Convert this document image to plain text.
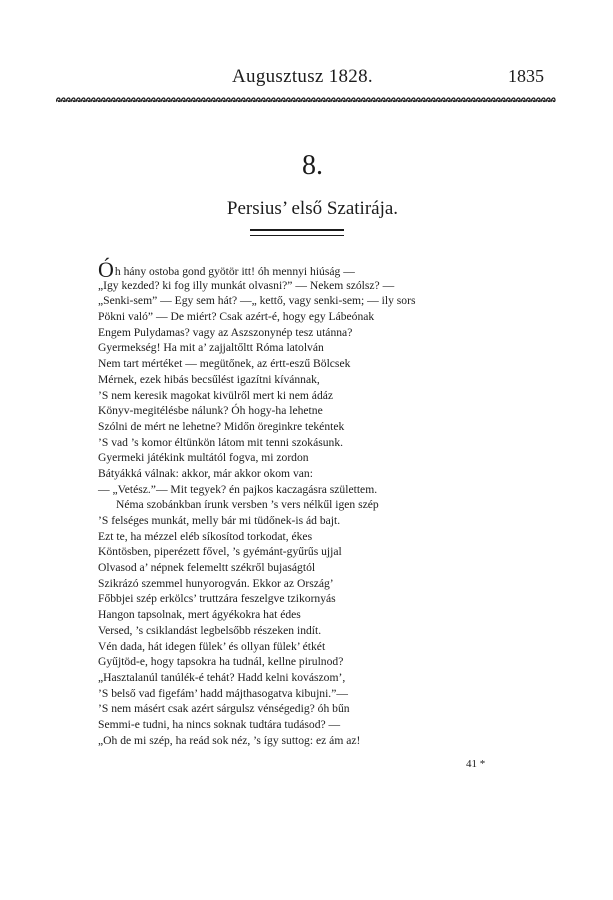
Augusztusz 1828.	1835
8.
Persius’ első Szatirája.
Óh hány ostoba gond gyötör itt! óh mennyi hiúság —
„Igy kezded? ki fog illy munkát olvasni?” — Nekem szólsz? —
„Senki-sem” — Egy sem hát? —„ kettő, vagy senki-sem; — ily sors
Pökni való” — De miért? Csak azért-é, hogy egy Lábeónak
Engem Pulydamas? vagy az Aszszonynép tesz utánna?
Gyermekség! Ha mit a’ zajjaltőltt Róma latolván
Nem tart mértéket — megütőnek, az értt-eszű Bölcsek
Mérnek, ezek hibás becsűlést igazítni kívánnak,
’S nem keresik magokat kivülről mert ki nem ádáz
Könyv-megitélésbe nálunk? Óh hogy-ha lehetne
Szólni de mért ne lehetne? Midőn öreginkre tekéntek
’S vad ’s komor éltünkön látom mit tenni szokásunk.
Gyermeki játékink multától fogva, mi zordon
Bátyákká válnak: akkor, már akkor okom van:
— „Vetész.”— Mit tegyek? én pajkos kaczagásra születtem.
Néma szobánkban írunk versben ’s vers nélkűl igen szép
’S felséges munkát, melly bár mi tüdőnek-is ád bajt.
Ezt te, ha mézzel eléb síkosítod torkodat, ékes
Köntösben, piperézett fővel, ’s gyémánt-gyűrűs ujjal
Olvasod a’ népnek felemeltt székről bujaságtól
Szikrázó szemmel hunyorogván. Ekkor az Ország’
Főbbjei szép erkölcs’ truttzára feszelgve tzikornyás
Hangon tapsolnak, mert ágyékokra hat édes
Versed, ’s csiklandást legbelsőbb részeken indít.
Vén dada, hát idegen fülek’ és ollyan fülek’ étkét
Gyűjtöd-e, hogy tapsokra ha tudnál, kellne pirulnod?
„Hasztalanúl tanúlék-é tehát? Hadd kelni kovászom’,
’S belső vad figefám’ hadd májthasogatva kibujni.”—
’S nem másért csak azért sárgulsz vénségedig? óh bűn
Semmi-e tudni, ha nincs soknak tudtára tudásod? —
„Oh de mi szép, ha reád sok néz, ’s így suttog: ez ám az!
41 *
